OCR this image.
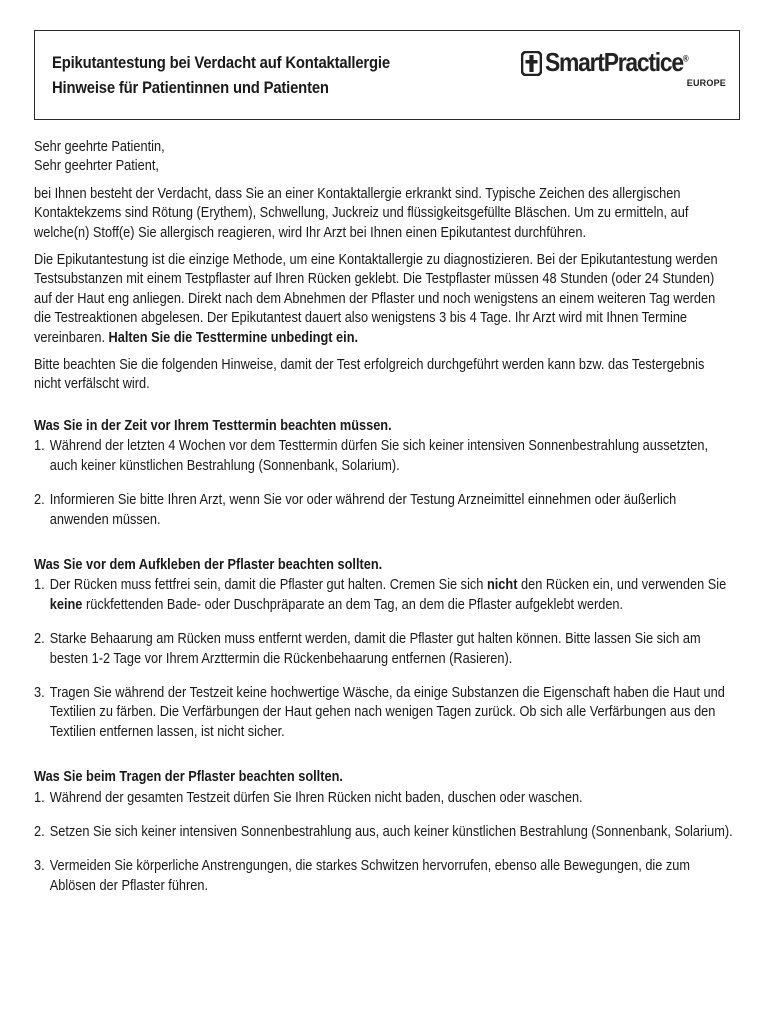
Epikutantestung bei Verdacht auf Kontaktallergie
Hinweise für Patientinnen und Patienten
SmartPractice®
EUROPE

Sehr geehrte Patientin,

Sehr geehrter Patient,

bei Ihnen besteht der Verdacht, dass Sie an einer Kontaktallergie erkrankt sind. Typische Zeichen des allergischen Kontaktekzems sind Rötung (Erythem), Schwellung, Juckreiz und flüssigkeitsgefüllte Bläschen. Um zu ermitteln, auf welche(n) Stoff(e) Sie allergisch reagieren, wird Ihr Arzt bei Ihnen einen Epikutantest durchführen.

Die Epikutantestung ist die einzige Methode, um eine Kontaktallergie zu diagnostizieren. Bei der Epikutantestung werden Testsubstanzen mit einem Testpflaster auf Ihren Rücken geklebt. Die Testpflaster müssen 48 Stunden (oder 24 Stunden) auf der Haut eng anliegen. Direkt nach dem Abnehmen der Pflaster und noch wenigstens an einem weiteren Tag werden die Testreaktionen abgelesen. Der Epikutantest dauert also wenigstens 3 bis 4 Tage. Ihr Arzt wird mit Ihnen Termine vereinbaren. Halten Sie die Testtermine unbedingt ein.

Bitte beachten Sie die folgenden Hinweise, damit der Test erfolgreich durchgeführt werden kann bzw. das Testergebnis nicht verfälscht wird.

Was Sie in der Zeit vor Ihrem Testtermin beachten müssen.

1. Während der letzten 4 Wochen vor dem Testtermin dürfen Sie sich keiner intensiven Sonnenbestrahlung aussetzten, auch keiner künstlichen Bestrahlung (Sonnenbank, Solarium).
2. Informieren Sie bitte Ihren Arzt, wenn Sie vor oder während der Testung Arzneimittel einnehmen oder äußerlich anwenden müssen.

Was Sie vor dem Aufkleben der Pflaster beachten sollten.

1. Der Rücken muss fettfrei sein, damit die Pflaster gut halten. Cremen Sie sich nicht den Rücken ein, und verwenden Sie keine rückfettenden Bade- oder Duschpräparate an dem Tag, an dem die Pflaster aufgeklebt werden.
2. Starke Behaarung am Rücken muss entfernt werden, damit die Pflaster gut halten können. Bitte lassen Sie sich am besten 1-2 Tage vor Ihrem Arzttermin die Rückenbehaarung entfernen (Rasieren).
3. Tragen Sie während der Testzeit keine hochwertige Wäsche, da einige Substanzen die Eigenschaft haben die Haut und Textilien zu färben. Die Verfärbungen der Haut gehen nach wenigen Tagen zurück. Ob sich alle Verfärbungen aus den Textilien entfernen lassen, ist nicht sicher.

Was Sie beim Tragen der Pflaster beachten sollten.

1. Während der gesamten Testzeit dürfen Sie Ihren Rücken nicht baden, duschen oder waschen.
2. Setzen Sie sich keiner intensiven Sonnenbestrahlung aus, auch keiner künstlichen Bestrahlung (Sonnenbank, Solarium).
3. Vermeiden Sie körperliche Anstrengungen, die starkes Schwitzen hervorrufen, ebenso alle Bewegungen, die zum Ablösen der Pflaster führen.
